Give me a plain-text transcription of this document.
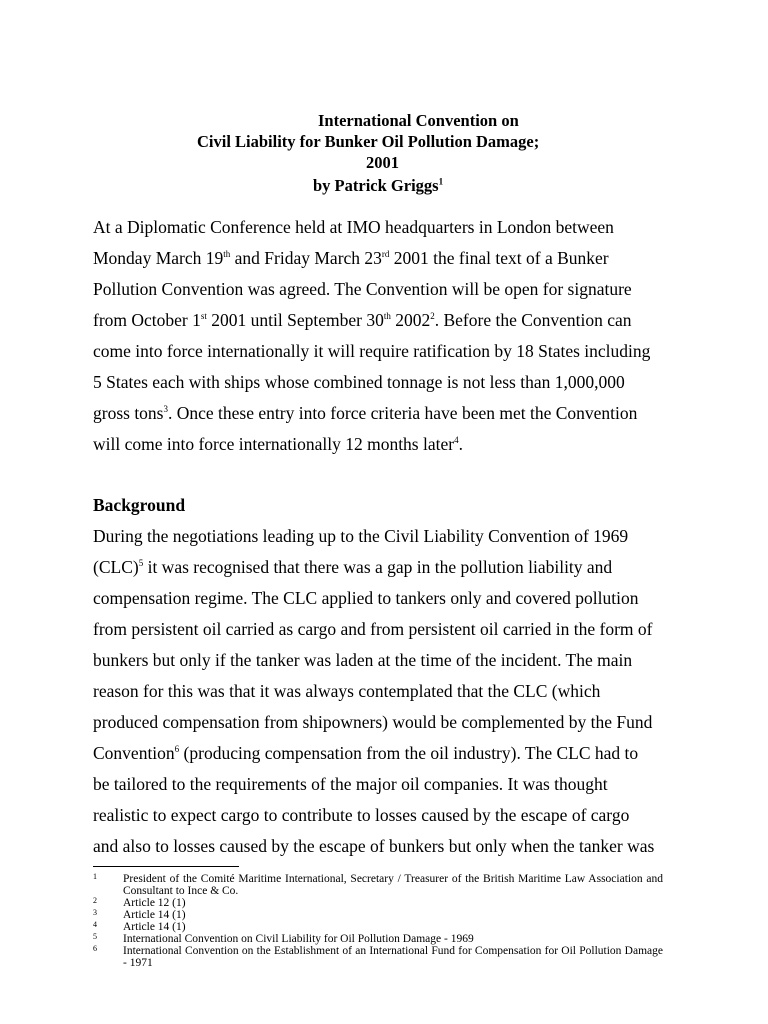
International Convention on
Civil Liability for Bunker Oil Pollution Damage;
2001
by Patrick Griggs$^1$
At a Diplomatic Conference held at IMO headquarters in London between
Monday March 19th and Friday March 23rd 2001 the final text of a Bunker
Pollution Convention was agreed. The Convention will be open for signature
from October 1st 2001 until September 30th 2002$^2$. Before the Convention can
come into force internationally it will require ratification by 18 States including
5 States each with ships whose combined tonnage is not less than 1,000,000
gross tons$^3$. Once these entry into force criteria have been met the Convention
will come into force internationally 12 months later$^4$.
Background
During the negotiations leading up to the Civil Liability Convention of 1969
(CLC)$^5$ it was recognised that there was a gap in the pollution liability and
compensation regime. The CLC applied to tankers only and covered pollution
from persistent oil carried as cargo and from persistent oil carried in the form of
bunkers but only if the tanker was laden at the time of the incident. The main
reason for this was that it was always contemplated that the CLC (which
produced compensation from shipowners) would be complemented by the Fund
Convention$^6$ (producing compensation from the oil industry). The CLC had to
be tailored to the requirements of the major oil companies. It was thought
realistic to expect cargo to contribute to losses caused by the escape of cargo
and also to losses caused by the escape of bunkers but only when the tanker was
1 President of the Comité Maritime International, Secretary / Treasurer of the British Maritime Law Association and Consultant to Ince & Co.
2 Article 12 (1)
3 Article 14 (1)
4 Article 14 (1)
5 International Convention on Civil Liability for Oil Pollution Damage - 1969
6 International Convention on the Establishment of an International Fund for Compensation for Oil Pollution Damage - 1971
